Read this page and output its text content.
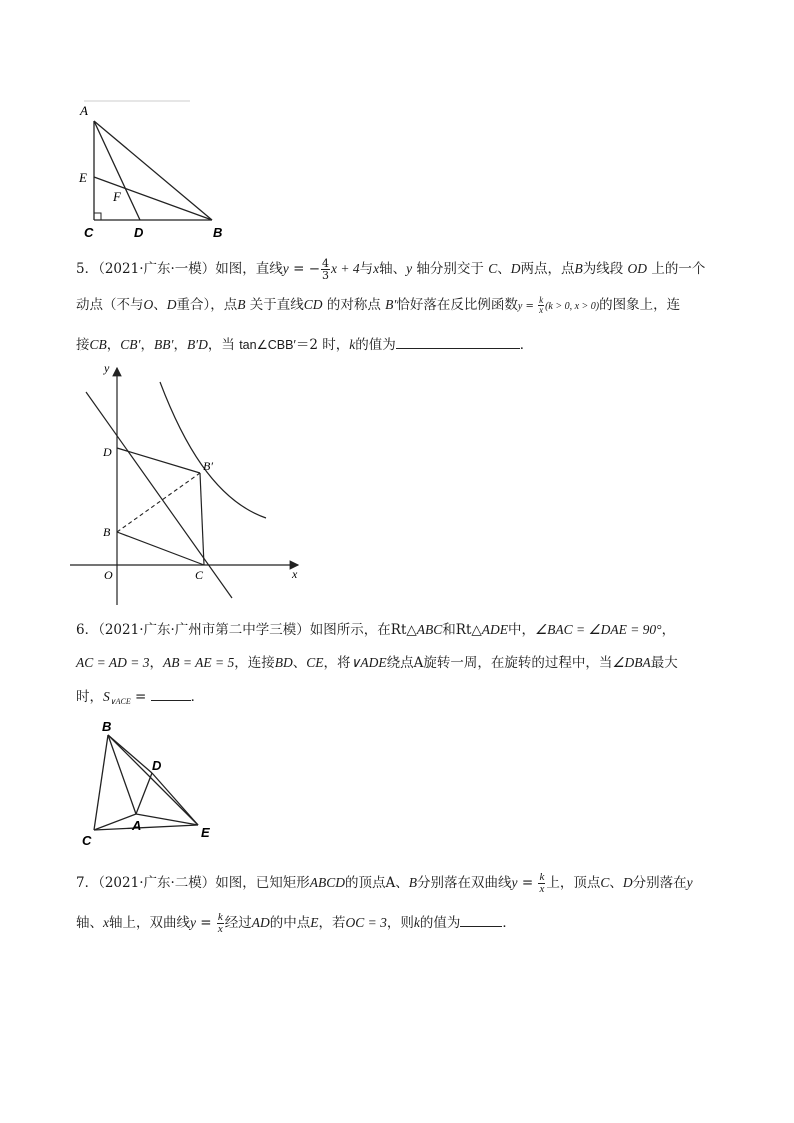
A
E
F
C	D	B
5．（2021·广东·一模）如图，直线y = − $\frac{4}{3}$ x + 4与x轴、y 轴分别交于 C、D两点，点B为线段 OD 上的一个
动点（不与O、D重合），点B 关于直线CD 的对称点 B′恰好落在反比例函数$y = \frac{k}{x} (k > 0$, x > 0)的图象上，连
接CB，CB′，BB′，B′D，当 tan∠CBB′＝2 时，k的值为	．
y
x
O
D
B
B′
C
6．（2021·广东·广州市第二中学三模）如图所示，在Rt△ABC和Rt△ADE中，∠BAC = ∠DAE = 90°，
AC = AD = 3，AB = AE = 5，连接BD、CE，将∨ADE绕点A旋转一周，在旋转的过程中，当∠DBA最大
时，$S_{\vee ACE}$ =	．
B
D
A
C
E
7．（2021·广东·二模）如图，已知矩形ABCD的顶点A、B分别落在双曲线$y = \frac{k}{x}$ 上，顶点C、D分别落在y
轴、x轴上，双曲线$y = \frac{k}{x}$ 经过AD的中点E，若OC = 3，则k的值为	．
